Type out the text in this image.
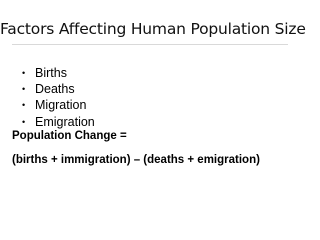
Factors Affecting Human Population Size
• Births
• Deaths
• Migration
• Emigration
Population Change =
(births + immigration) – (deaths + emigration)
